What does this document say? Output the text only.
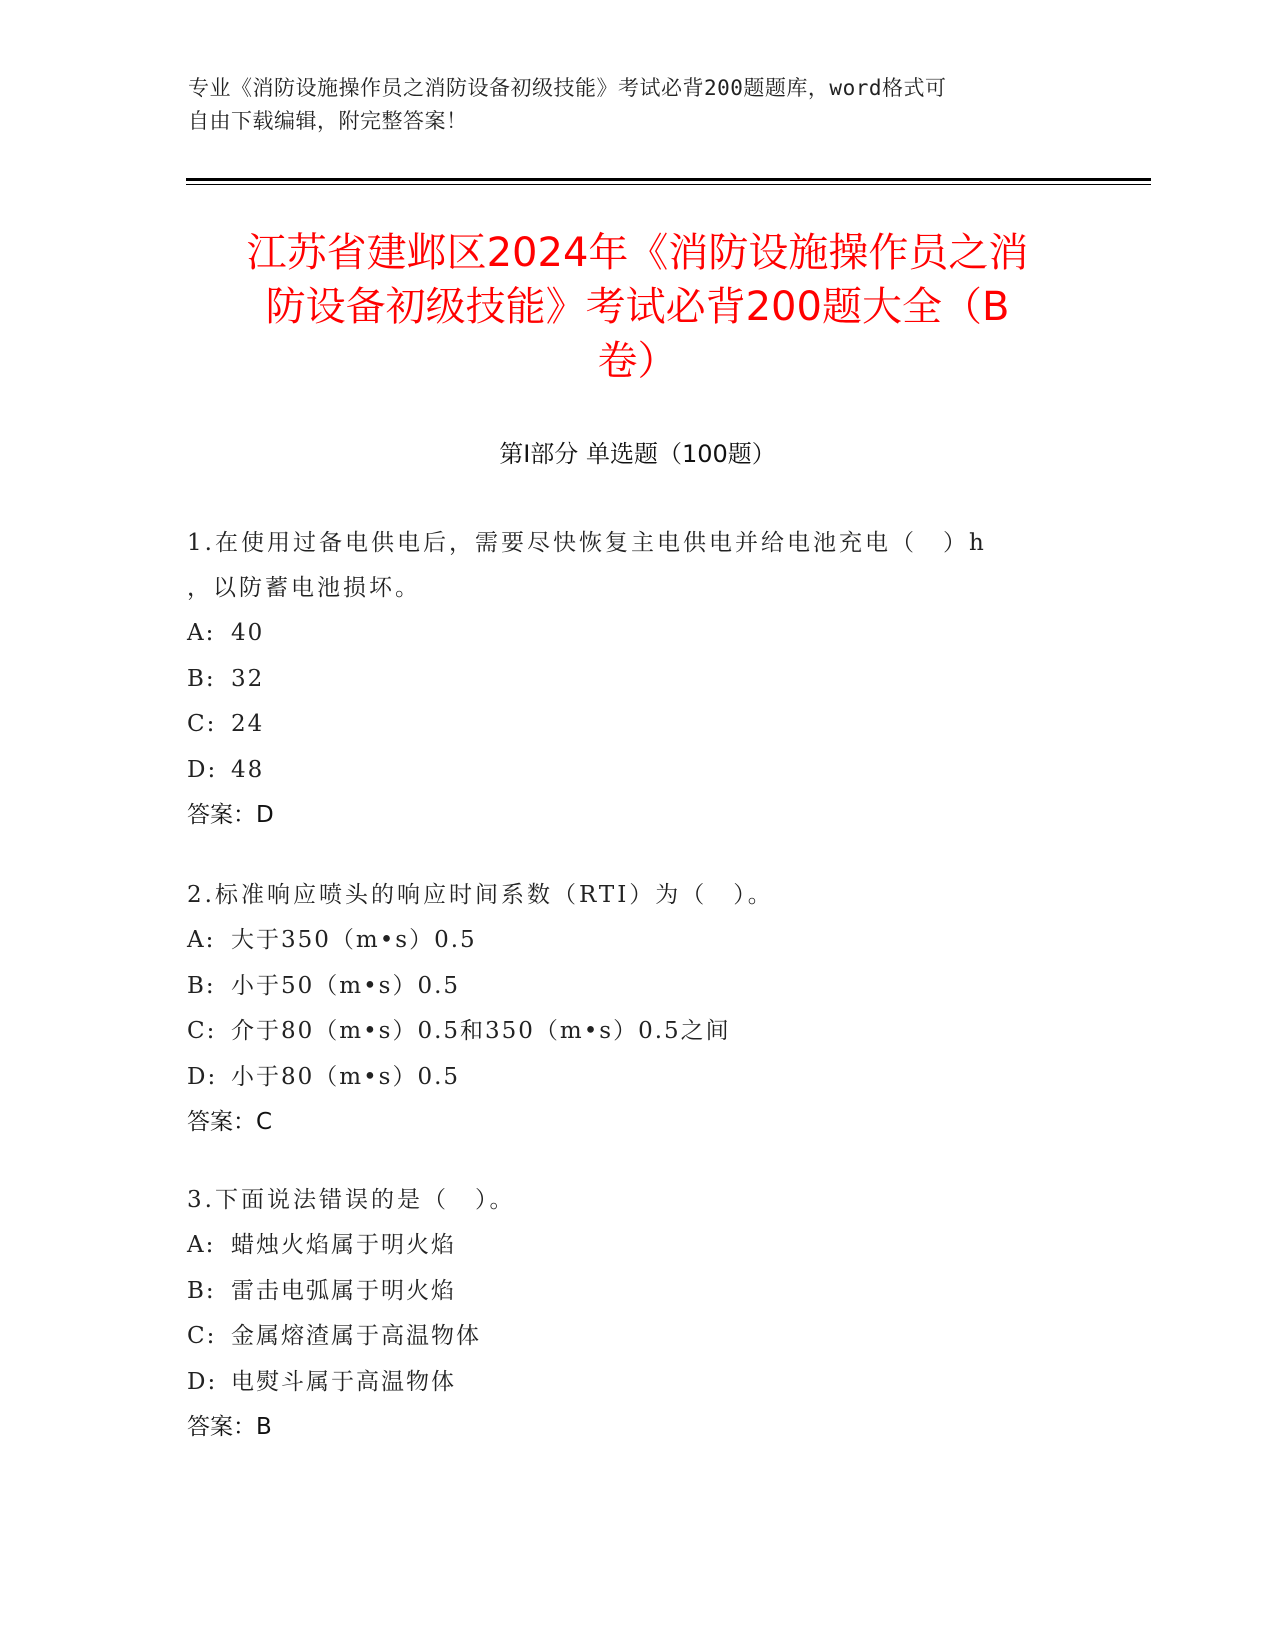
专业《消防设施操作员之消防设备初级技能》考试必背200题题库，word格式可
自由下载编辑，附完整答案！
江苏省建邺区2024年《消防设施操作员之消
防设备初级技能》考试必背200题大全（B
卷）
第I部分 单选题（100题）
1.在使用过备电供电后，需要尽快恢复主电供电并给电池充电（　）h
，以防蓄电池损坏。
A: 40
B: 32
C: 24
D: 48
答案：D
2.标准响应喷头的响应时间系数（RTI）为（　）。
A: 大于350（m•s）0.5
B: 小于50（m•s）0.5
C: 介于80（m•s）0.5和350（m•s）0.5之间
D: 小于80（m•s）0.5
答案：C
3.下面说法错误的是（　）。
A: 蜡烛火焰属于明火焰
B: 雷击电弧属于明火焰
C: 金属熔渣属于高温物体
D: 电熨斗属于高温物体
答案：B
